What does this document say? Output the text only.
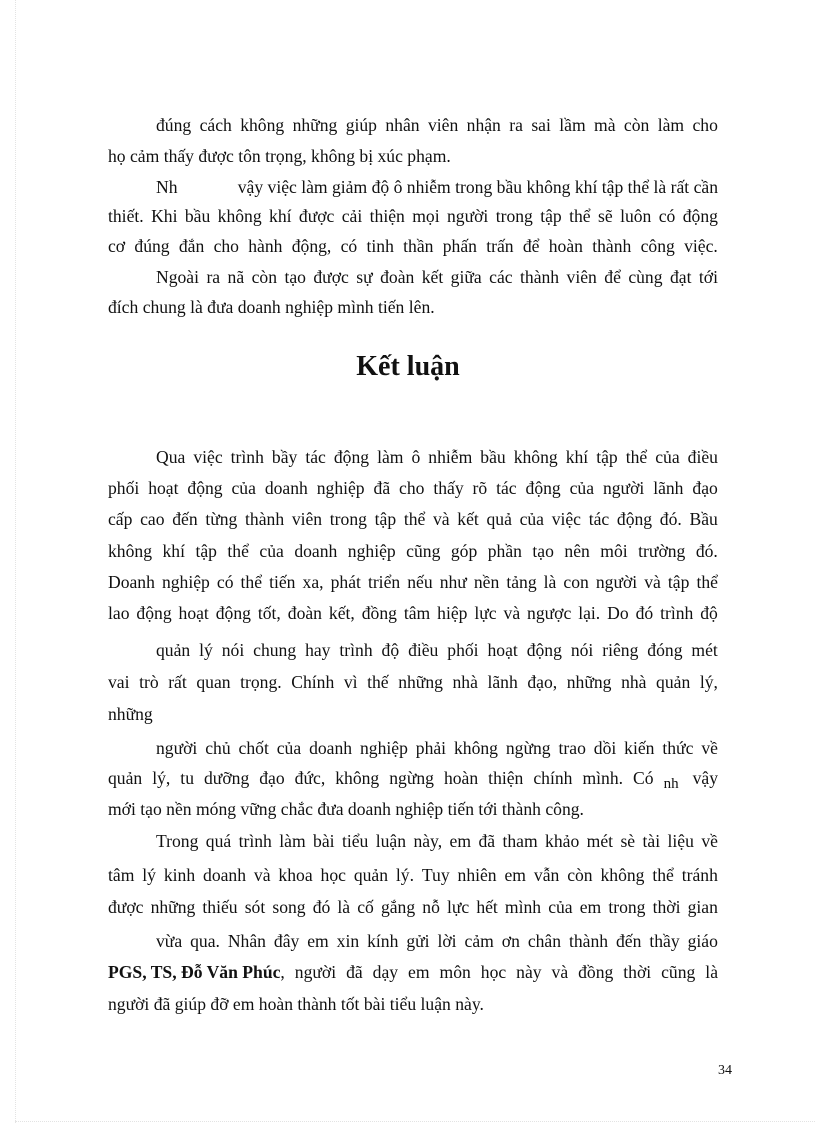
đúng cách không những giúp nhân viên nhận ra sai lầm mà còn làm cho
họ cảm thấy được tôn trọng, không bị xúc phạm.
Nh	vậy việc làm giảm độ ô nhiễm trong bầu không khí tập thể là rất cần
thiết. Khi bầu không khí được cải thiện mọi người trong tập thể sẽ luôn có động
cơ đúng đắn cho hành động, có tinh thần phấn trấn để hoàn thành công việc.
Ngoài ra nã còn tạo được sự đoàn kết giữa các thành viên để cùng đạt tới
đích chung là đưa doanh nghiệp mình tiến lên.
Kết luận
Qua việc trình bầy tác động làm ô nhiễm bầu không khí tập thể của điều
phối hoạt động của doanh nghiệp đã cho thấy rõ tác động của người lãnh đạo
cấp cao đến từng thành viên trong tập thể và kết quả của việc tác động đó. Bầu
không khí tập thể của doanh nghiệp cũng góp phần tạo nên môi trường đó.
Doanh nghiệp có thể tiến xa, phát triển nếu như nền tảng là con người và tập thể
lao động hoạt động tốt, đoàn kết, đồng tâm hiệp lực và ngược lại. Do đó trình độ
quản lý nói chung hay trình độ điều phối hoạt động nói riêng đóng mét
vai trò rất quan trọng. Chính vì thế những nhà lãnh đạo, những nhà quản lý,
những
người chủ chốt của doanh nghiệp phải không ngừng trao dồi kiến thức về
quản lý, tu dưỡng đạo đức, không ngừng hoàn thiện chính mình. Có nh vậy
mới tạo nền móng vững chắc đưa doanh nghiệp tiến tới thành công.
Trong quá trình làm bài tiểu luận này, em đã tham khảo mét sè tài liệu về
tâm lý kinh doanh và khoa học quản lý. Tuy nhiên em vẫn còn không thể tránh
được những thiếu sót song đó là cố gắng nỗ lực hết mình của em trong thời gian
vừa qua. Nhân đây em xin kính gửi lời cảm ơn chân thành đến thầy giáo
PGS, TS, Đỗ Văn Phúc , người đã dạy em môn học này và đồng thời cũng là
người đã giúp đỡ em hoàn thành tốt bài tiểu luận này.
34
